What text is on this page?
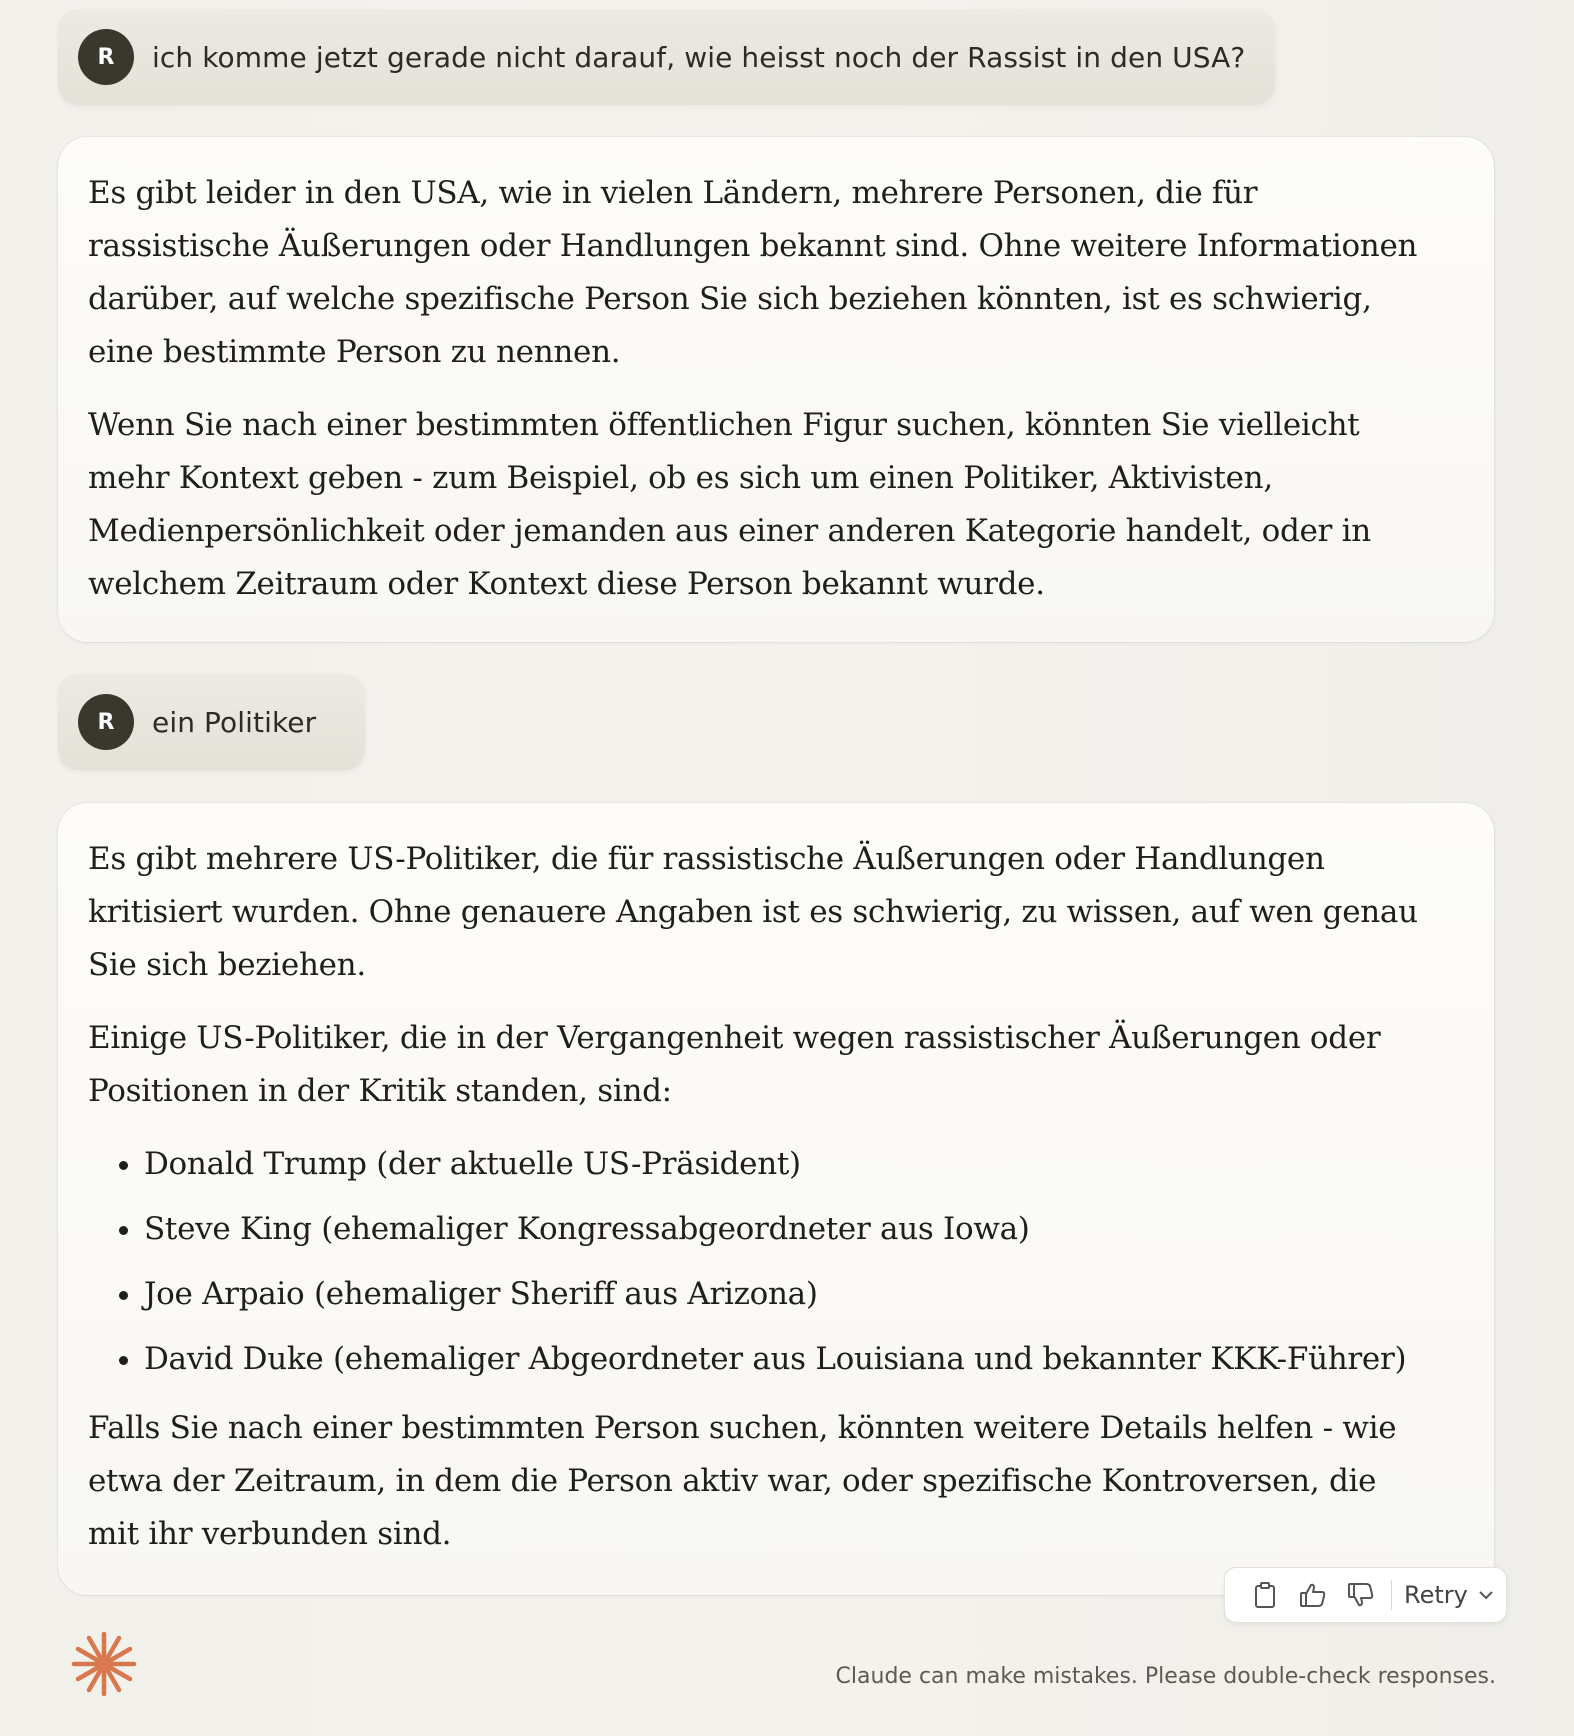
R	ich komme jetzt gerade nicht darauf, wie heisst noch der Rassist in den USA?

Es gibt leider in den USA, wie in vielen Ländern, mehrere Personen, die für rassistische Äußerungen oder Handlungen bekannt sind. Ohne weitere Informationen darüber, auf welche spezifische Person Sie sich beziehen könnten, ist es schwierig, eine bestimmte Person zu nennen.

Wenn Sie nach einer bestimmten öffentlichen Figur suchen, könnten Sie vielleicht mehr Kontext geben - zum Beispiel, ob es sich um einen Politiker, Aktivisten, Medienpersönlichkeit oder jemanden aus einer anderen Kategorie handelt, oder in welchem Zeitraum oder Kontext diese Person bekannt wurde.

R	ein Politiker

Es gibt mehrere US-Politiker, die für rassistische Äußerungen oder Handlungen kritisiert wurden. Ohne genauere Angaben ist es schwierig, zu wissen, auf wen genau Sie sich beziehen.

Einige US-Politiker, die in der Vergangenheit wegen rassistischer Äußerungen oder Positionen in der Kritik standen, sind:

• Donald Trump (der aktuelle US-Präsident)
• Steve King (ehemaliger Kongressabgeordneter aus Iowa)
• Joe Arpaio (ehemaliger Sheriff aus Arizona)
• David Duke (ehemaliger Abgeordneter aus Louisiana und bekannter KKK-Führer)

Falls Sie nach einer bestimmten Person suchen, könnten weitere Details helfen - wie etwa der Zeitraum, in dem die Person aktiv war, oder spezifische Kontroversen, die mit ihr verbunden sind.

Retry
Claude can make mistakes. Please double-check responses.
